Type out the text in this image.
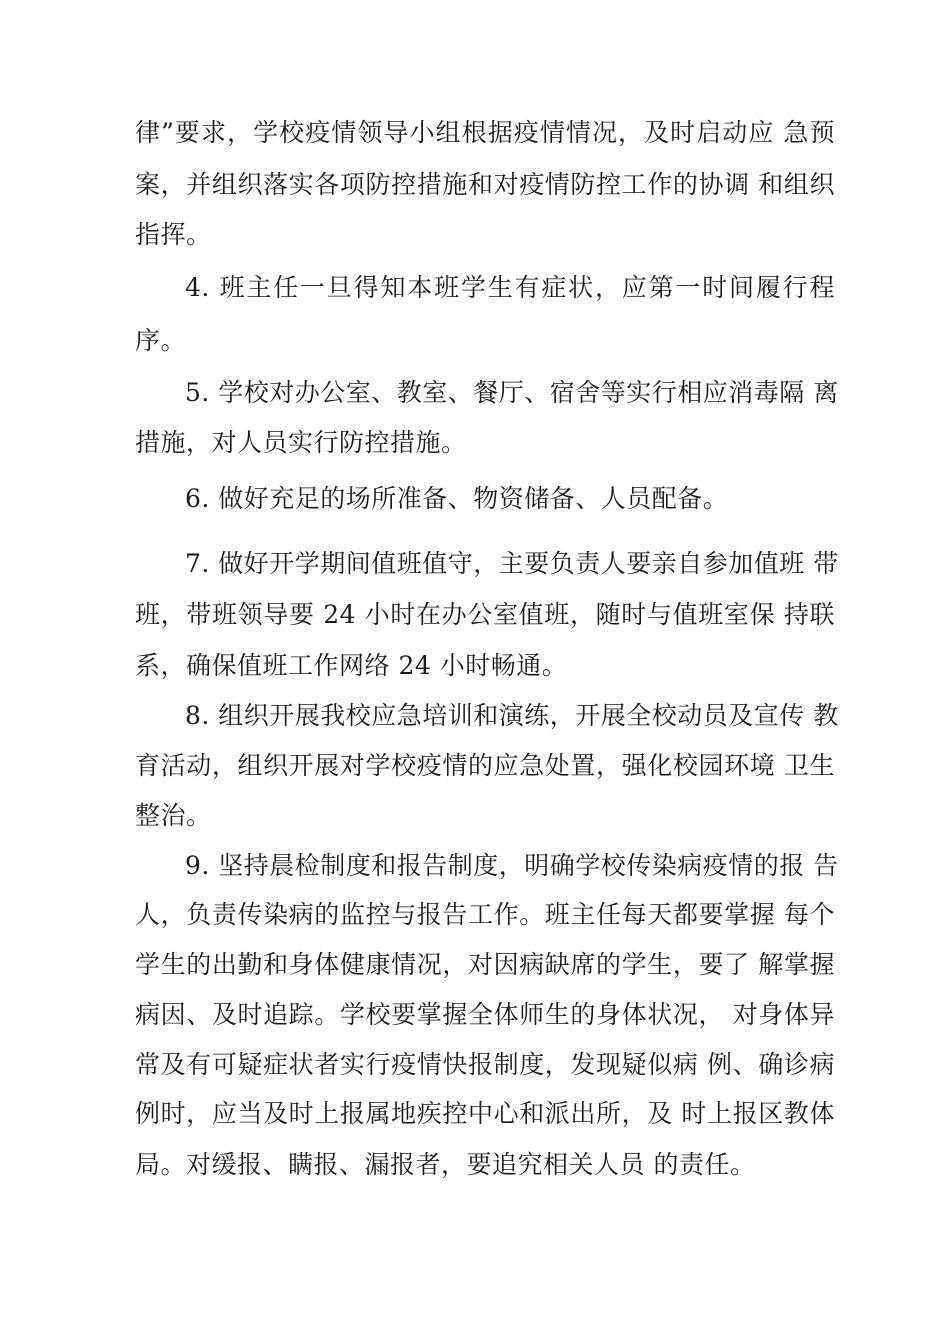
律”要求，学校疫情领导小组根据疫情情况，及时启动应 急预
案，并组织落实各项防控措施和对疫情防控工作的协调 和组织
指挥。
4. 班主任一旦得知本班学生有症状，应第一时间履行程
序。
5. 学校对办公室、教室、餐厅、宿舍等实行相应消毒隔 离
措施，对人员实行防控措施。
6. 做好充足的场所准备、物资储备、人员配备。
7. 做好开学期间值班值守，主要负责人要亲自参加值班 带
班，带班领导要 24 小时在办公室值班，随时与值班室保 持联
系，确保值班工作网络 24 小时畅通。
8. 组织开展我校应急培训和演练，开展全校动员及宣传 教
育活动，组织开展对学校疫情的应急处置，强化校园环境 卫生
整治。
9. 坚持晨检制度和报告制度，明确学校传染病疫情的报 告
人，负责传染病的监控与报告工作。班主任每天都要掌握 每个
学生的出勤和身体健康情况，对因病缺席的学生，要了 解掌握
病因、及时追踪。学校要掌握全体师生的身体状况， 对身体异
常及有可疑症状者实行疫情快报制度，发现疑似病 例、确诊病
例时，应当及时上报属地疾控中心和派出所，及 时上报区教体
局。对缓报、瞒报、漏报者，要追究相关人员 的责任。
